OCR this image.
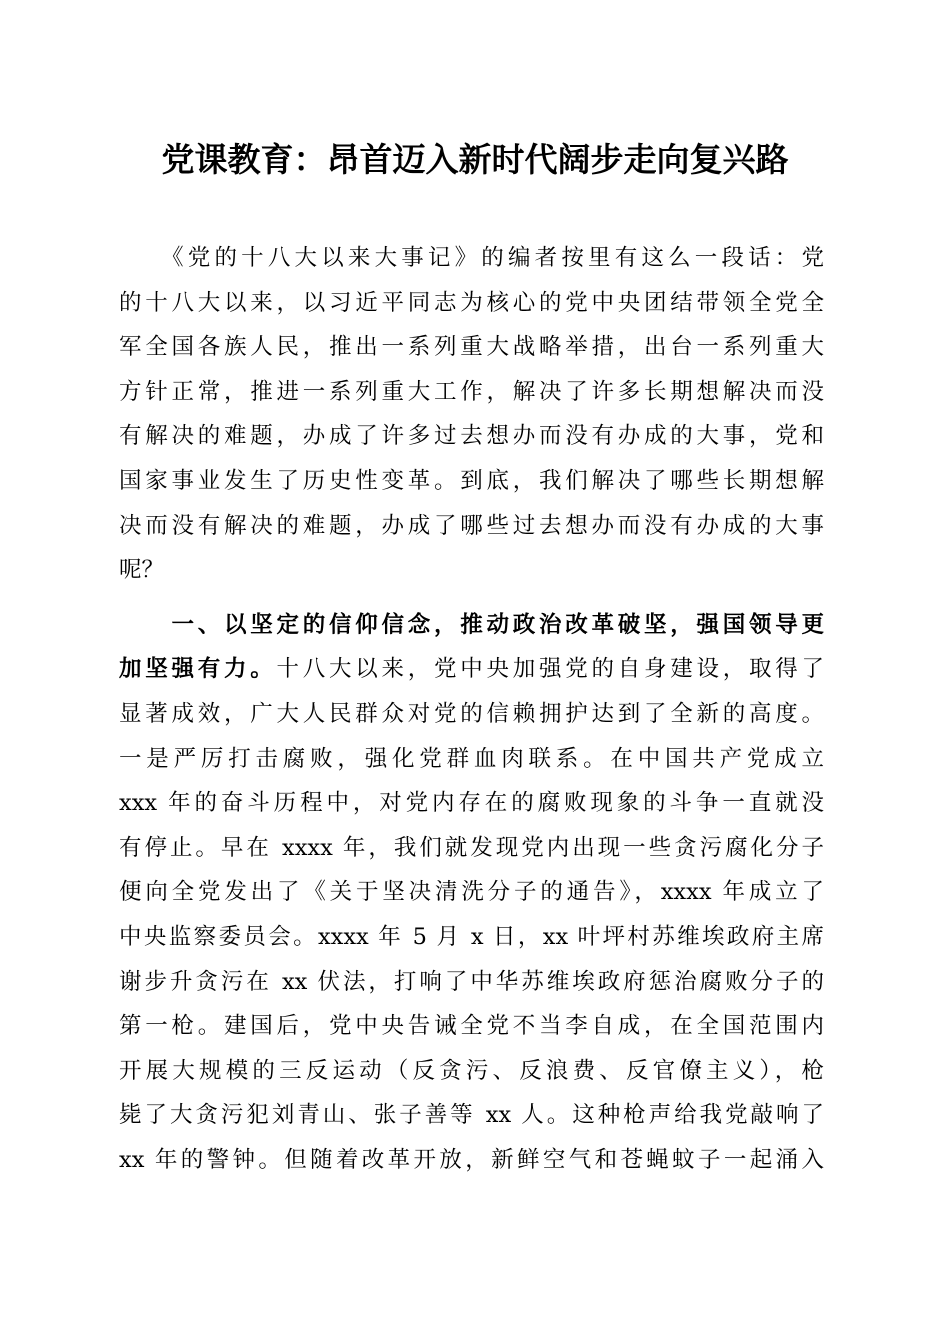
党课教育：昂首迈入新时代阔步走向复兴路
　　《党的十八大以来大事记》的编者按里有这么一段话：党
的十八大以来，以习近平同志为核心的党中央团结带领全党全
军全国各族人民，推出一系列重大战略举措，出台一系列重大
方针正常，推进一系列重大工作，解决了许多长期想解决而没
有解决的难题，办成了许多过去想办而没有办成的大事，党和
国家事业发生了历史性变革。到底，我们解决了哪些长期想解
决而没有解决的难题，办成了哪些过去想办而没有办成的大事
呢？
　　一、以坚定的信仰信念，推动政治改革破坚，强国领导更
加坚强有力。十八大以来，党中央加强党的自身建设，取得了
显著成效，广大人民群众对党的信赖拥护达到了全新的高度。
一是严厉打击腐败，强化党群血肉联系。在中国共产党成立
xxx 年的奋斗历程中，对党内存在的腐败现象的斗争一直就没
有停止。早在 xxxx 年，我们就发现党内出现一些贪污腐化分子
便向全党发出了《关于坚决清洗分子的通告》，xxxx 年成立了
中央监察委员会。xxxx 年 5 月 x 日，xx 叶坪村苏维埃政府主席
谢步升贪污在 xx 伏法，打响了中华苏维埃政府惩治腐败分子的
第一枪。建国后，党中央告诫全党不当李自成，在全国范围内
开展大规模的三反运动（反贪污、反浪费、反官僚主义），枪
毙了大贪污犯刘青山、张子善等 xx 人。这种枪声给我党敲响了
xx 年的警钟。但随着改革开放，新鲜空气和苍蝇蚊子一起涌入
